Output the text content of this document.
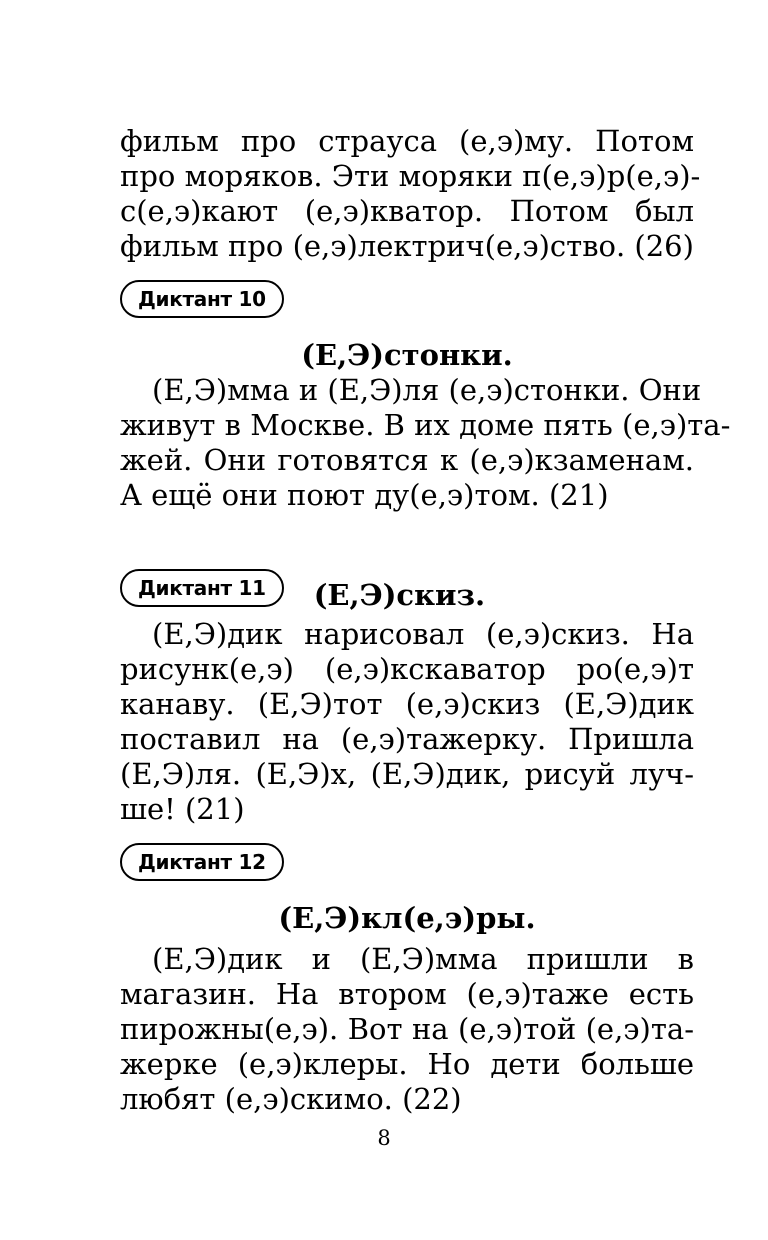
фильм про страуса (е,э)му. Потом
про моряков. Эти моряки п(е,э)р(е,э)-
с(е,э)кают (е,э)кватор. Потом был
фильм про (е,э)лектрич(е,э)ство. (26)
Диктант 10
(Е,Э)стонки.
(Е,Э)мма и (Е,Э)ля (е,э)стонки. Они
живут в Москве. В их доме пять (е,э)та-
жей. Они готовятся к (е,э)кзаменам.
А ещё они поют ду(е,э)том. (21)
Диктант 11	(Е,Э)скиз.
(Е,Э)дик нарисовал (е,э)скиз. На
рисунк(е,э) (е,э)кскаватор ро(е,э)т
канаву. (Е,Э)тот (е,э)скиз (Е,Э)дик
поставил на (е,э)тажерку. Пришла
(Е,Э)ля. (Е,Э)х, (Е,Э)дик, рисуй луч-
ше! (21)
Диктант 12
(Е,Э)кл(е,э)ры.
(Е,Э)дик и (Е,Э)мма пришли в
магазин. На втором (е,э)таже есть
пирожны(е,э). Вот на (е,э)той (е,э)та-
жерке (е,э)клеры. Но дети больше
любят (е,э)скимо. (22)
8
